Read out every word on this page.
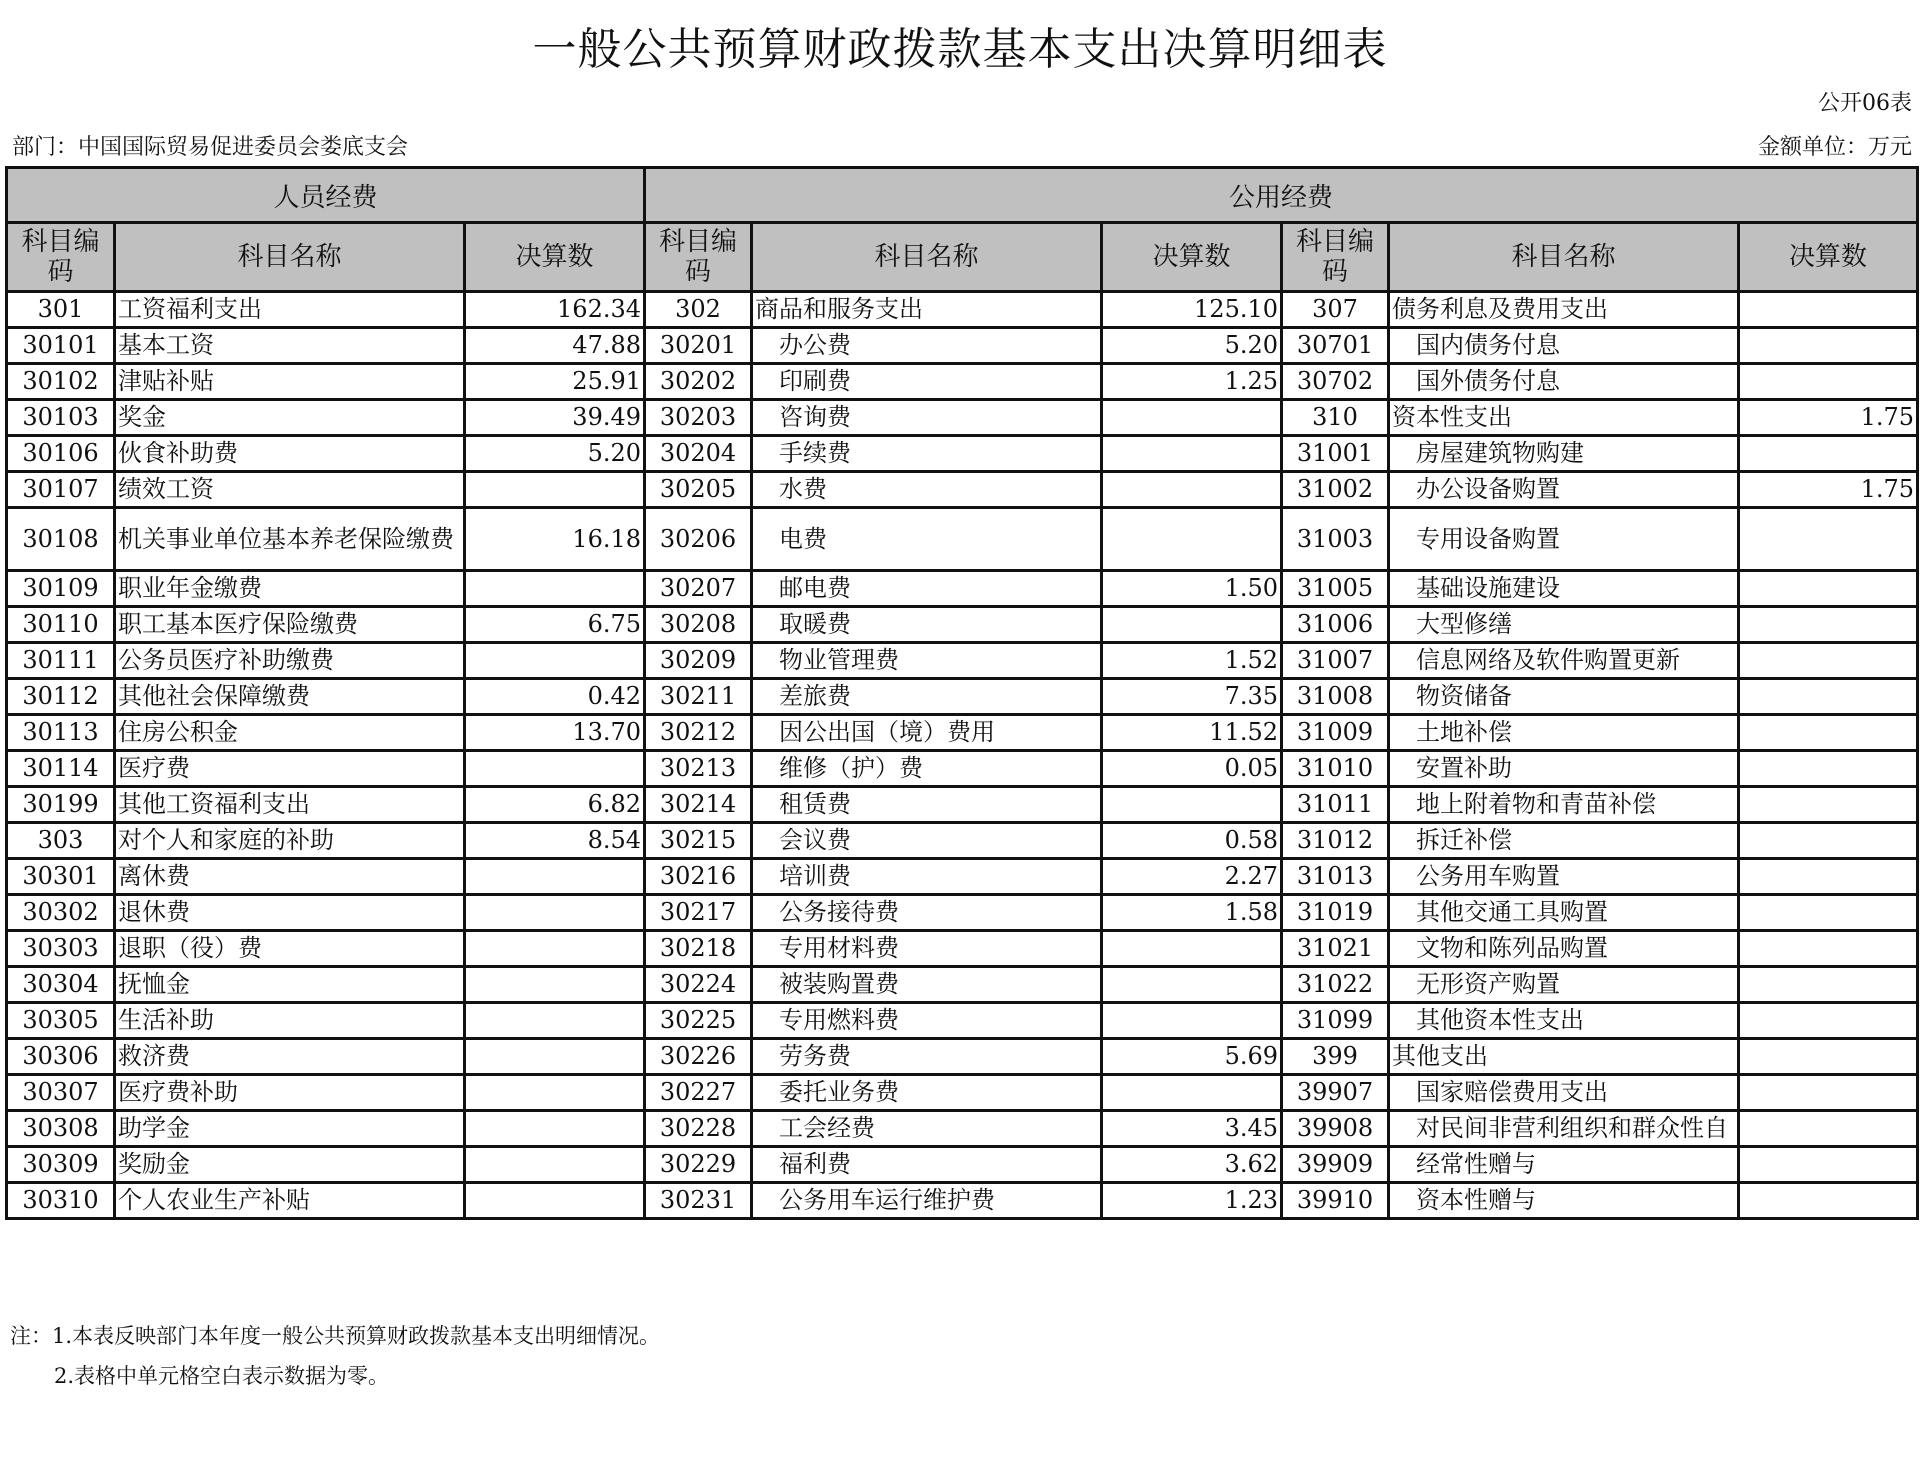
一般公共预算财政拨款基本支出决算明细表
公开06表
部门：中国国际贸易促进委员会娄底支会	金额单位：万元
人员经费			公用经费					
科目编码	科目名称	决算数	科目编码	科目名称	决算数	科目编码	科目名称	决算数
301	工资福利支出	162.34	302	商品和服务支出	125.10	307	债务利息及费用支出	
30101	基本工资	47.88	30201	办公费	5.20	30701	国内债务付息	
30102	津贴补贴	25.91	30202	印刷费	1.25	30702	国外债务付息	
30103	奖金	39.49	30203	咨询费		310	资本性支出	1.75
30106	伙食补助费	5.20	30204	手续费		31001	房屋建筑物购建	
30107	绩效工资		30205	水费		31002	办公设备购置	1.75
30108	机关事业单位基本养老保险缴费	16.18	30206	电费		31003	专用设备购置	
30109	职业年金缴费		30207	邮电费	1.50	31005	基础设施建设	
30110	职工基本医疗保险缴费	6.75	30208	取暖费		31006	大型修缮	
30111	公务员医疗补助缴费		30209	物业管理费	1.52	31007	信息网络及软件购置更新	
30112	其他社会保障缴费	0.42	30211	差旅费	7.35	31008	物资储备	
30113	住房公积金	13.70	30212	因公出国（境）费用	11.52	31009	土地补偿	
30114	医疗费		30213	维修（护）费	0.05	31010	安置补助	
30199	其他工资福利支出	6.82	30214	租赁费		31011	地上附着物和青苗补偿	
303	对个人和家庭的补助	8.54	30215	会议费	0.58	31012	拆迁补偿	
30301	离休费		30216	培训费	2.27	31013	公务用车购置	
30302	退休费		30217	公务接待费	1.58	31019	其他交通工具购置	
30303	退职（役）费		30218	专用材料费		31021	文物和陈列品购置	
30304	抚恤金		30224	被装购置费		31022	无形资产购置	
30305	生活补助		30225	专用燃料费		31099	其他资本性支出	
30306	救济费		30226	劳务费	5.69	399	其他支出	
30307	医疗费补助		30227	委托业务费		39907	国家赔偿费用支出	
30308	助学金		30228	工会经费	3.45	39908	对民间非营利组织和群众性自	
30309	奖励金		30229	福利费	3.62	39909	经常性赠与	
30310	个人农业生产补贴		30231	公务用车运行维护费	1.23	39910	资本性赠与	
注：1.本表反映部门本年度一般公共预算财政拨款基本支出明细情况。
2.表格中单元格空白表示数据为零。
